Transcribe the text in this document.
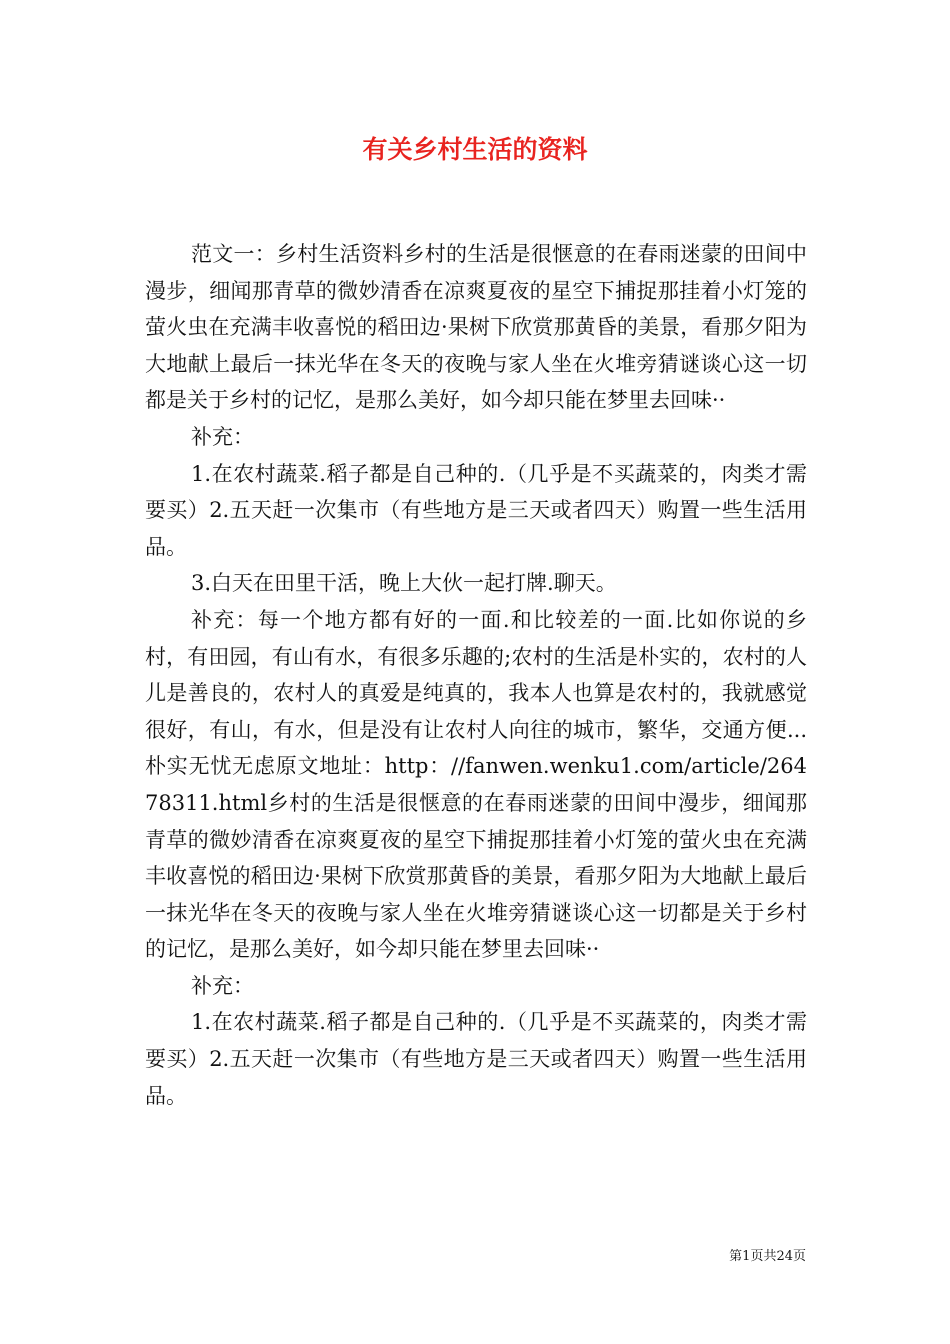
有关乡村生活的资料

范文一：乡村生活资料乡村的生活是很惬意的在春雨迷蒙的田间中漫步，细闻那青草的微妙清香在凉爽夏夜的星空下捕捉那挂着小灯笼的萤火虫在充满丰收喜悦的稻田边·果树下欣赏那黄昏的美景，看那夕阳为大地献上最后一抹光华在冬天的夜晚与家人坐在火堆旁猜谜谈心这一切都是关于乡村的记忆，是那么美好，如今却只能在梦里去回味··

补充：

1.在农村蔬菜.稻子都是自己种的.（几乎是不买蔬菜的，肉类才需要买）2.五天赶一次集市（有些地方是三天或者四天）购置一些生活用品。

3.白天在田里干活，晚上大伙一起打牌.聊天。

补充：每一个地方都有好的一面.和比较差的一面.比如你说的乡村，有田园，有山有水，有很多乐趣的;农村的生活是朴实的，农村的人儿是善良的，农村人的真爱是纯真的，我本人也算是农村的，我就感觉很好，有山，有水，但是没有让农村人向往的城市，繁华，交通方便...朴实无忧无虑原文地址：http：//fanwen.wenku1.com/article/26478311.html乡村的生活是很惬意的在春雨迷蒙的田间中漫步，细闻那青草的微妙清香在凉爽夏夜的星空下捕捉那挂着小灯笼的萤火虫在充满丰收喜悦的稻田边·果树下欣赏那黄昏的美景，看那夕阳为大地献上最后一抹光华在冬天的夜晚与家人坐在火堆旁猜谜谈心这一切都是关于乡村的记忆，是那么美好，如今却只能在梦里去回味··

补充：

1.在农村蔬菜.稻子都是自己种的.（几乎是不买蔬菜的，肉类才需要买）2.五天赶一次集市（有些地方是三天或者四天）购置一些生活用品。

第1页共24页
